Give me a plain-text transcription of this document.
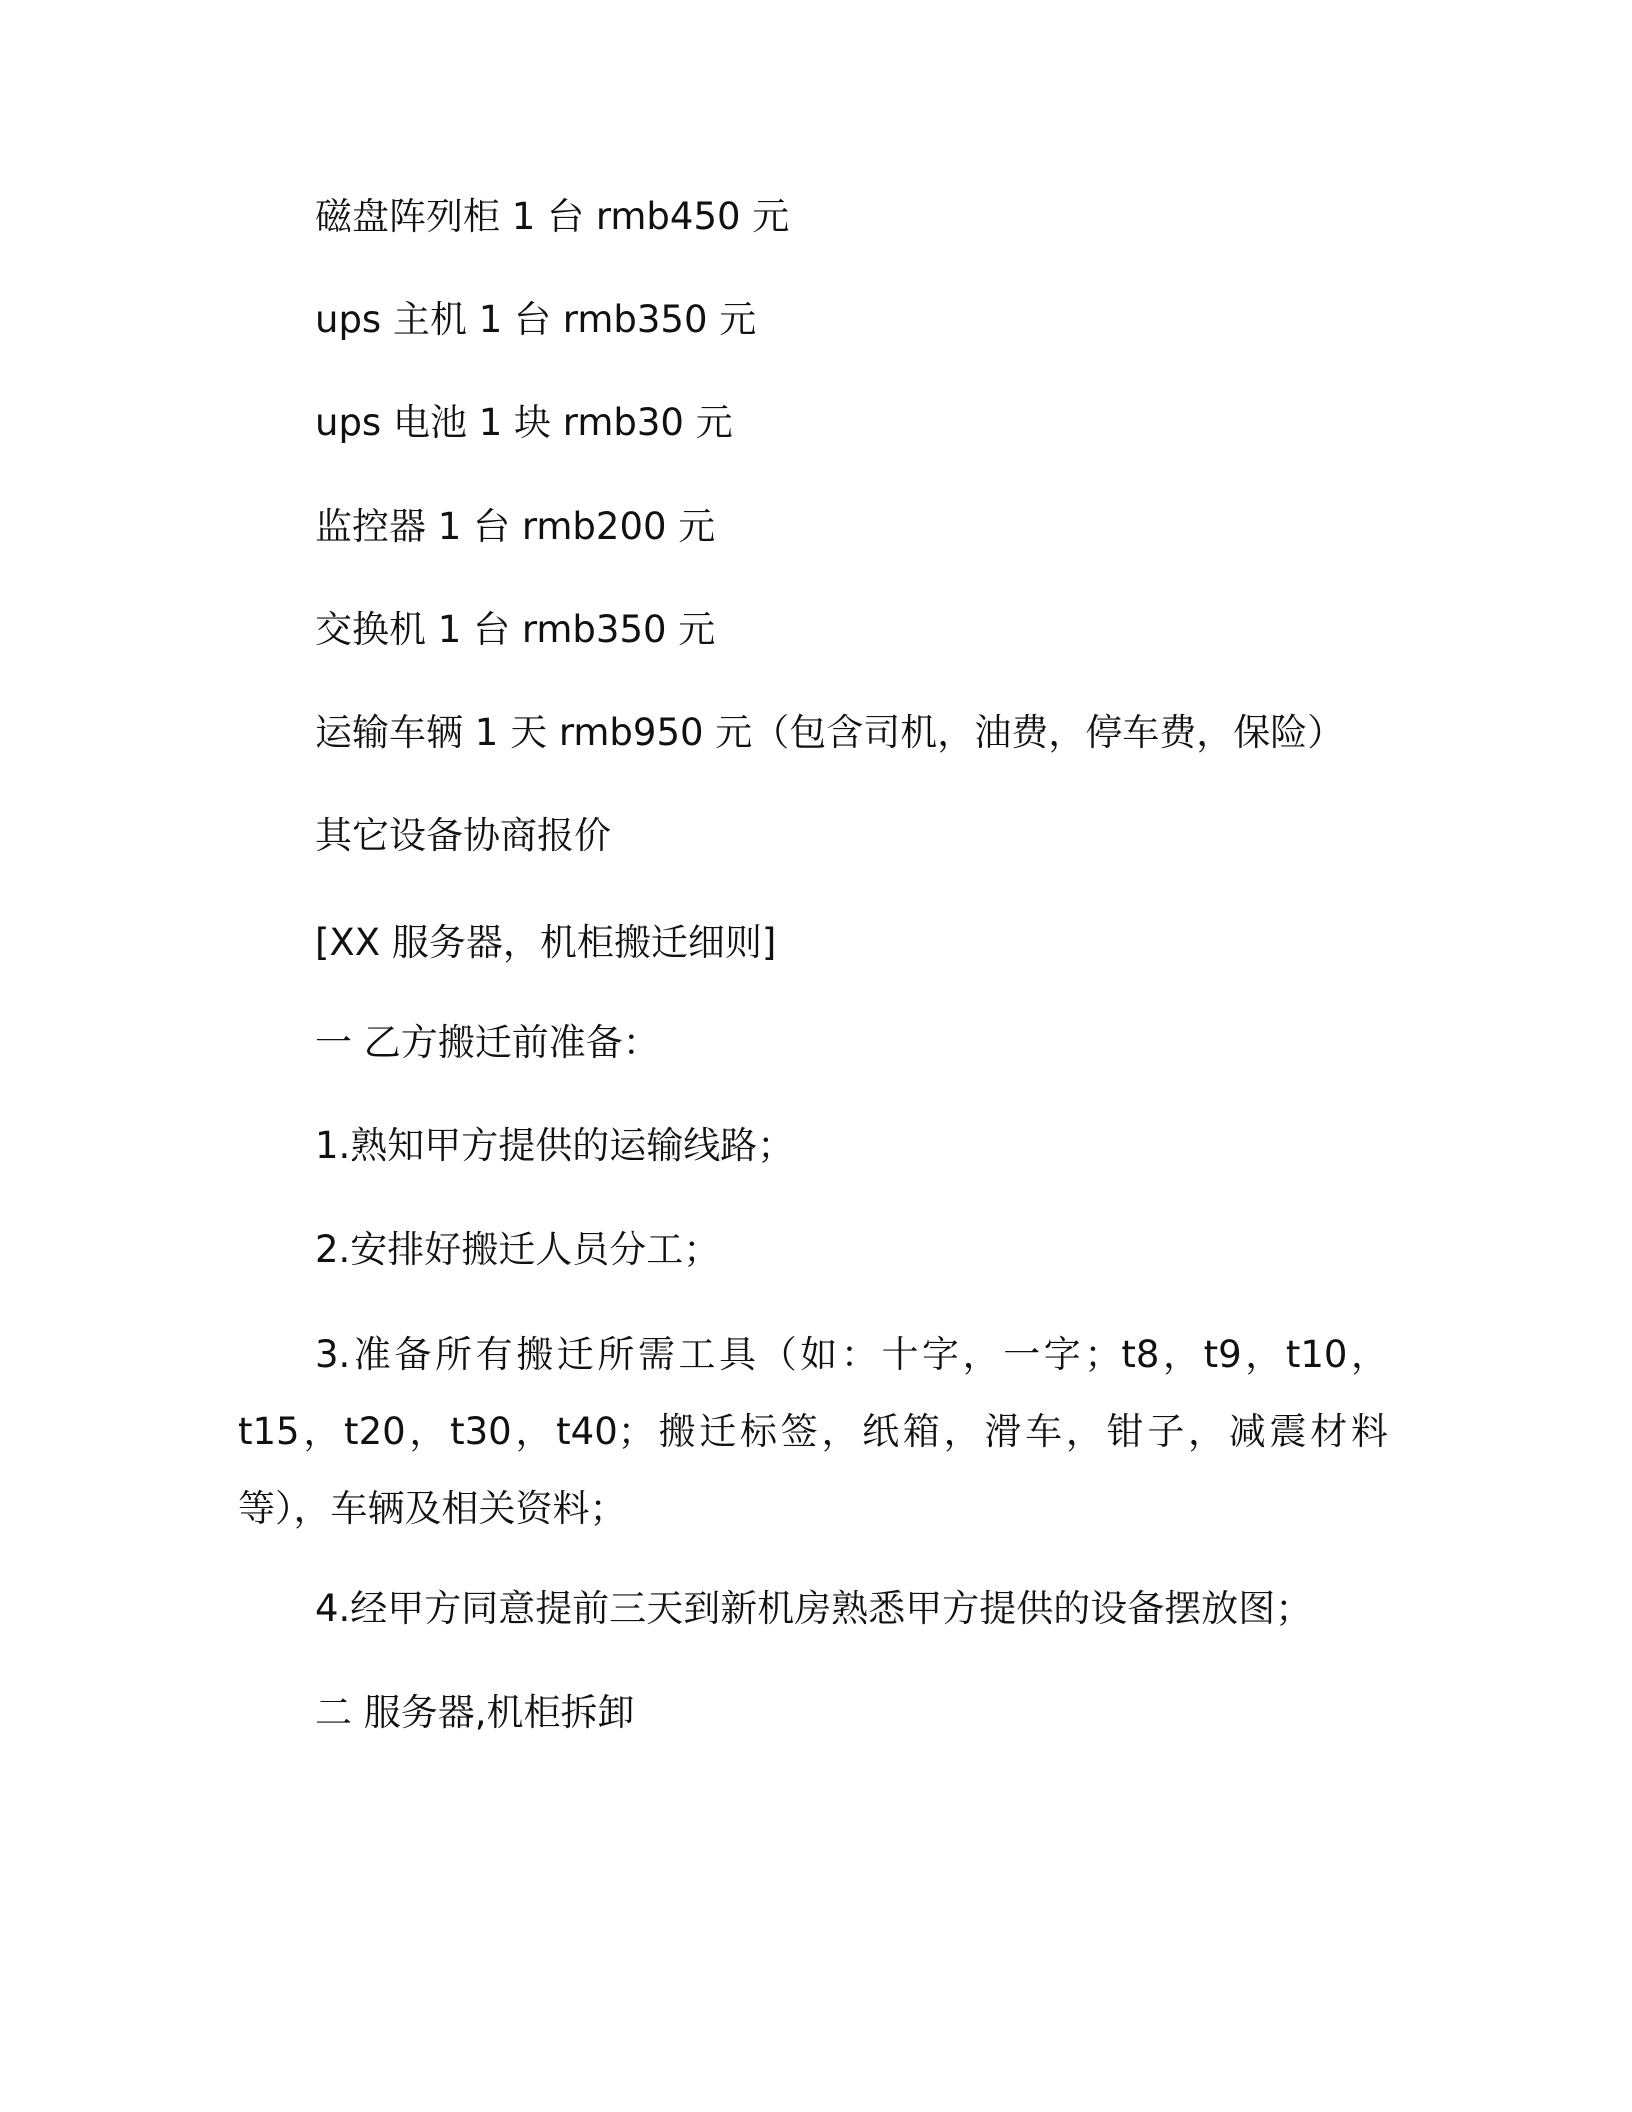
磁盘阵列柜 1 台 rmb450 元

ups 主机 1 台 rmb350 元

ups 电池 1 块 rmb30 元

监控器 1 台 rmb200 元

交换机 1 台 rmb350 元

运输车辆 1 天 rmb950 元（包含司机，油费，停车费，保险）

其它设备协商报价

[XX 服务器，机柜搬迁细则]

一 乙方搬迁前准备：

1.熟知甲方提供的运输线路；

2.安排好搬迁人员分工；

3.准备所有搬迁所需工具（如：十字，一字；t8，t9，t10，t15，t20，t30，t40；搬迁标签，纸箱，滑车，钳子，减震材料等），车辆及相关资料；

4.经甲方同意提前三天到新机房熟悉甲方提供的设备摆放图；

二 服务器,机柜拆卸
